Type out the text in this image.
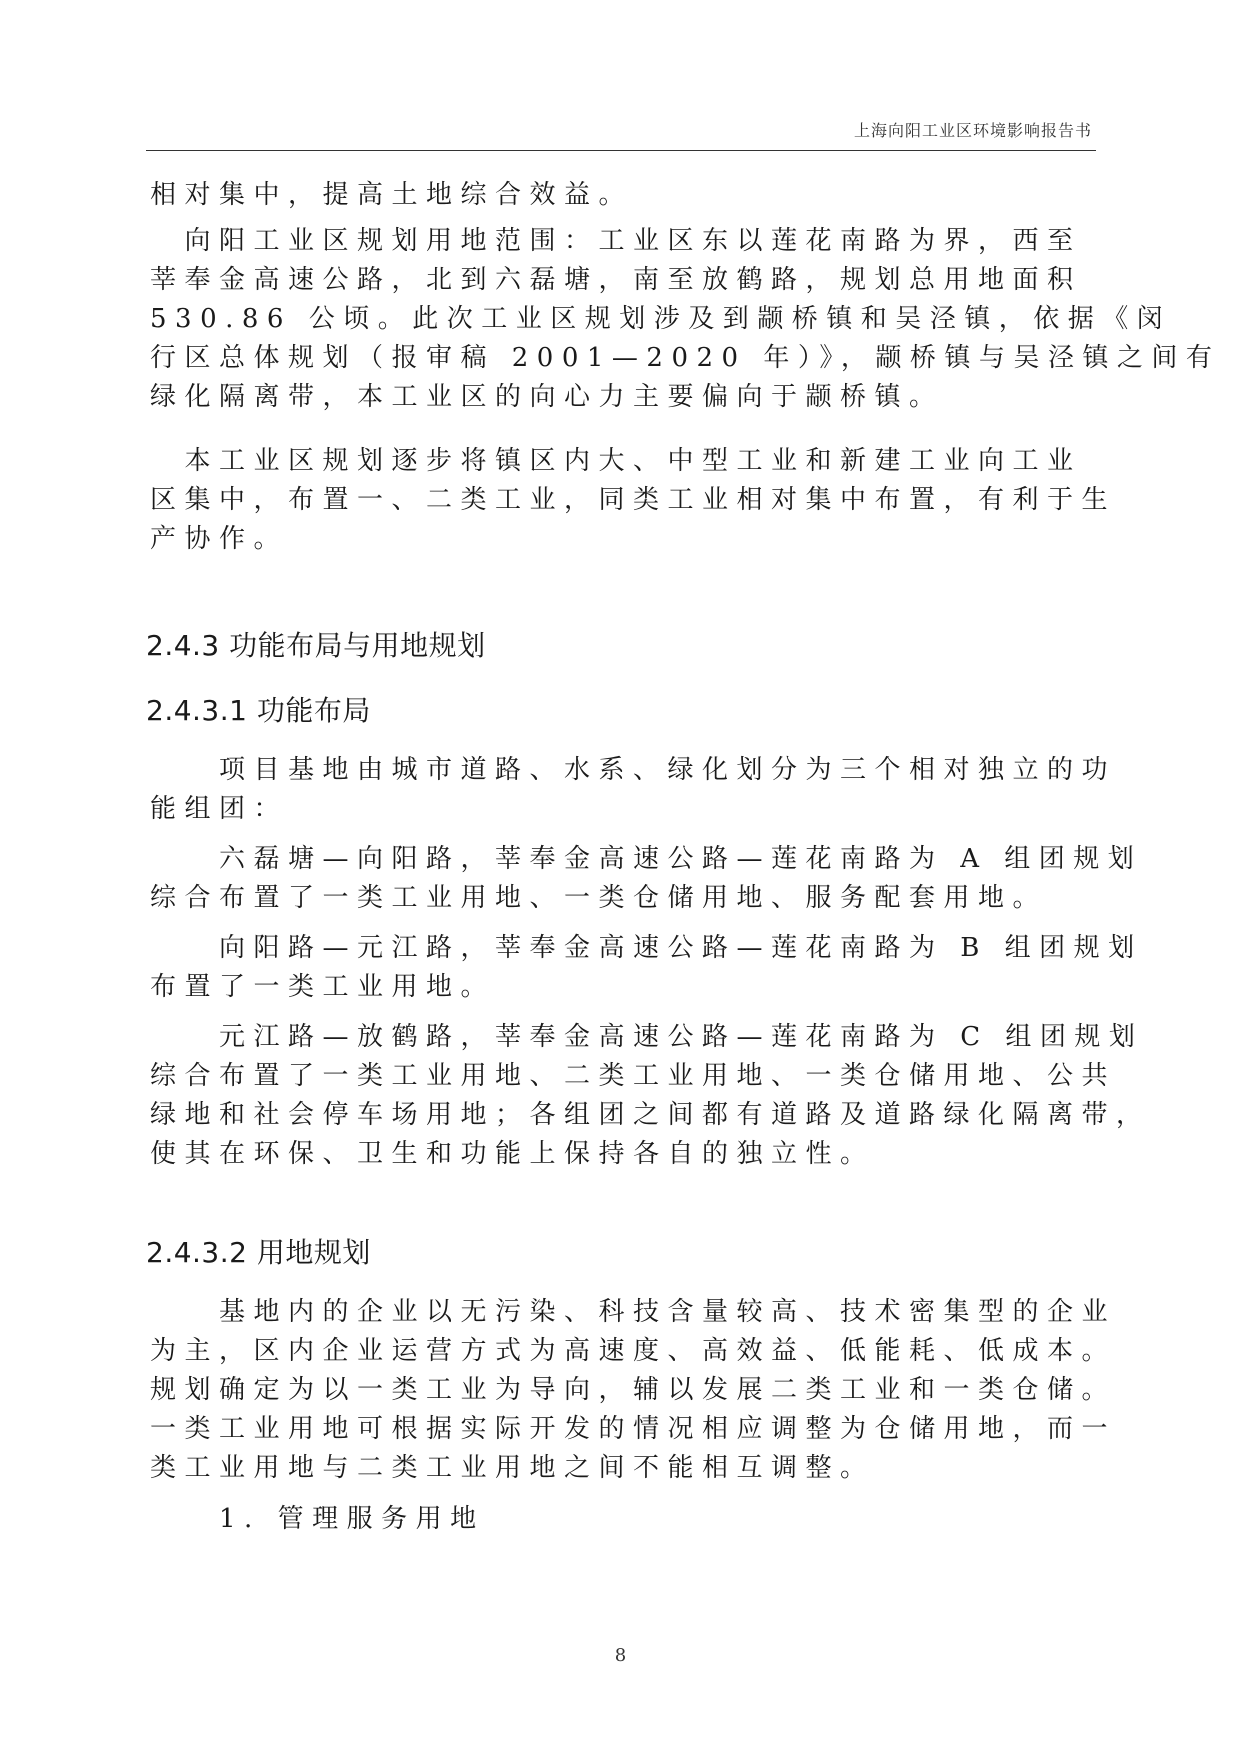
上海向阳工业区环境影响报告书

相对集中，提高土地综合效益。

　向阳工业区规划用地范围：工业区东以莲花南路为界，西至
莘奉金高速公路，北到六磊塘，南至放鹤路，规划总用地面积
530.86 公顷。此次工业区规划涉及到颛桥镇和吴泾镇，依据《闵
行区总体规划（报审稿 2001—2020 年）》，颛桥镇与吴泾镇之间有
绿化隔离带，本工业区的向心力主要偏向于颛桥镇。

　本工业区规划逐步将镇区内大、中型工业和新建工业向工业
区集中，布置一、二类工业，同类工业相对集中布置，有利于生
产协作。

2.4.3 功能布局与用地规划
2.4.3.1 功能布局

　　项目基地由城市道路、水系、绿化划分为三个相对独立的功
能组团：

　　六磊塘—向阳路，莘奉金高速公路—莲花南路为 A 组团规划
综合布置了一类工业用地、一类仓储用地、服务配套用地。

　　向阳路—元江路，莘奉金高速公路—莲花南路为 B 组团规划
布置了一类工业用地。

　　元江路—放鹤路，莘奉金高速公路—莲花南路为 C 组团规划
综合布置了一类工业用地、二类工业用地、一类仓储用地、公共
绿地和社会停车场用地；各组团之间都有道路及道路绿化隔离带，
使其在环保、卫生和功能上保持各自的独立性。

2.4.3.2 用地规划

　　基地内的企业以无污染、科技含量较高、技术密集型的企业
为主，区内企业运营方式为高速度、高效益、低能耗、低成本。
规划确定为以一类工业为导向，辅以发展二类工业和一类仓储。
一类工业用地可根据实际开发的情况相应调整为仓储用地，而一
类工业用地与二类工业用地之间不能相互调整。

　　1. 管理服务用地

8
